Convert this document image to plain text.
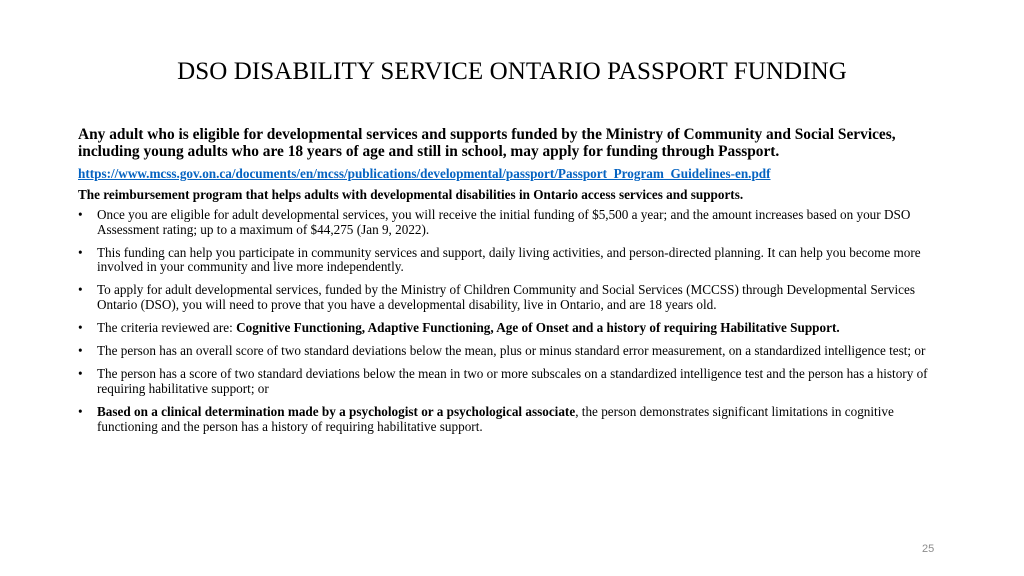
DSO DISABILITY SERVICE ONTARIO PASSPORT FUNDING

Any adult who is eligible for developmental services and supports funded by the Ministry of Community and Social Services, including young adults who are 18 years of age and still in school, may apply for funding through Passport.

https://www.mcss.gov.on.ca/documents/en/mcss/publications/developmental/passport/Passport_Program_Guidelines-en.pdf

The reimbursement program that helps adults with developmental disabilities in Ontario access services and supports.

• Once you are eligible for adult developmental services, you will receive the initial funding of $5,500 a year; and the amount increases based on your DSO Assessment rating; up to a maximum of $44,275 (Jan 9, 2022).
• This funding can help you participate in community services and support, daily living activities, and person-directed planning. It can help you become more involved in your community and live more independently.
• To apply for adult developmental services, funded by the Ministry of Children Community and Social Services (MCCSS) through Developmental Services Ontario (DSO), you will need to prove that you have a developmental disability, live in Ontario, and are 18 years old.
• The criteria reviewed are: Cognitive Functioning, Adaptive Functioning, Age of Onset and a history of requiring Habilitative Support.
• The person has an overall score of two standard deviations below the mean, plus or minus standard error measurement, on a standardized intelligence test; or
• The person has a score of two standard deviations below the mean in two or more subscales on a standardized intelligence test and the person has a history of requiring habilitative support; or
• Based on a clinical determination made by a psychologist or a psychological associate, the person demonstrates significant limitations in cognitive functioning and the person has a history of requiring habilitative support.
25
